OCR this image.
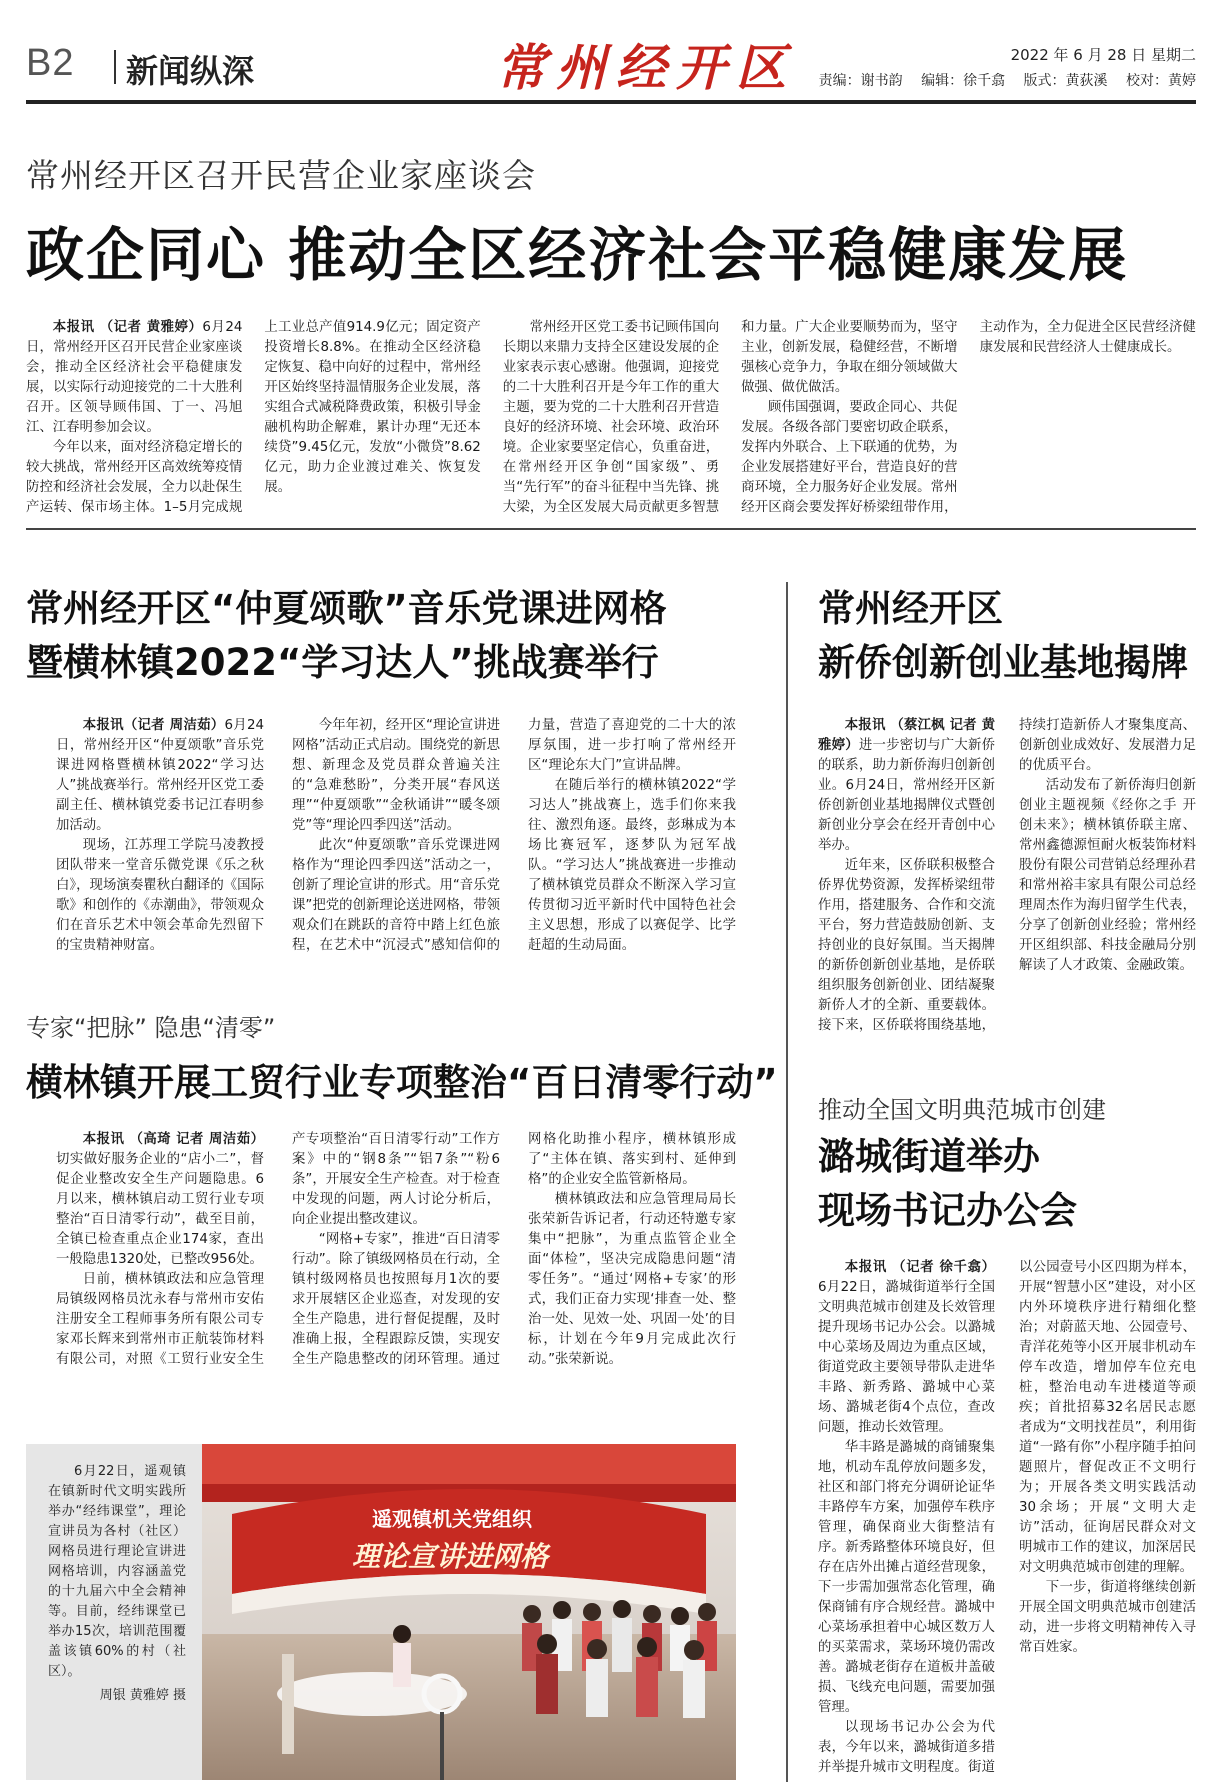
B2 新闻纵深	常州经开区	2022 年 6 月 28 日 星期二
责编：谢书韵 编辑：徐千翕 版式：黄荻溪 校对：黄婷
常州经开区召开民营企业家座谈会
政企同心 推动全区经济社会平稳健康发展

本报讯 （记者 黄雅婷）6月24日，常州经开区召开民营企业家座谈会，推动全区经济社会平稳健康发展，以实际行动迎接党的二十大胜利召开。区领导顾伟国、丁一、冯旭江、江春明参加会议。

今年以来，面对经济稳定增长的较大挑战，常州经开区高效统筹疫情防控和经济社会发展，全力以赴保生产运转、保市场主体。1–5月完成规上工业总产值914.9亿元；固定资产投资增长8.8%。在推动全区经济稳定恢复、稳中向好的过程中，常州经开区始终坚持温情服务企业发展，落实组合式减税降费政策，积极引导金融机构助企解难，累计办理“无还本续贷”9.45亿元，发放“小微贷”8.62亿元，助力企业渡过难关、恢复发展。

常州经开区党工委书记顾伟国向长期以来鼎力支持全区建设发展的企业家表示衷心感谢。他强调，迎接党的二十大胜利召开是今年工作的重大主题，要为党的二十大胜利召开营造良好的经济环境、社会环境、政治环境。企业家要坚定信心，负重奋进，在常州经开区争创“国家级”、勇当“先行军”的奋斗征程中当先锋、挑大梁，为全区发展大局贡献更多智慧和力量。广大企业要顺势而为，坚守主业，创新发展，稳健经营，不断增强核心竞争力，争取在细分领域做大做强、做优做活。

顾伟国强调，要政企同心、共促发展。各级各部门要密切政企联系，发挥内外联合、上下联通的优势，为企业发展搭建好平台，营造良好的营商环境，全力服务好企业发展。常州经开区商会要发挥好桥梁纽带作用，主动作为，全力促进全区民营经济健康发展和民营经济人士健康成长。

常州经开区“仲夏颂歌”音乐党课进网格
暨横林镇2022“学习达人”挑战赛举行

本报讯（记者 周洁茹）6月24日，常州经开区“仲夏颂歌”音乐党课进网格暨横林镇2022“学习达人”挑战赛举行。常州经开区党工委副主任、横林镇党委书记江春明参加活动。

现场，江苏理工学院马凌教授团队带来一堂音乐微党课《乐之秋白》，现场演奏瞿秋白翻译的《国际歌》和创作的《赤潮曲》，带领观众们在音乐艺术中领会革命先烈留下的宝贵精神财富。

今年年初，经开区“理论宣讲进网格”活动正式启动。围绕党的新思想、新理念及党员群众普遍关注的“急难愁盼”，分类开展“春风送理”“仲夏颂歌”“金秋诵讲”“暖冬颂党”等“理论四季四送”活动。

此次“仲夏颂歌”音乐党课进网格作为“理论四季四送”活动之一，创新了理论宣讲的形式。用“音乐党课”把党的创新理论送进网格，带领观众们在跳跃的音符中踏上红色旅程，在艺术中“沉浸式”感知信仰的力量，营造了喜迎党的二十大的浓厚氛围，进一步打响了常州经开区“理论东大门”宣讲品牌。

在随后举行的横林镇2022“学习达人”挑战赛上，选手们你来我往、激烈角逐。最终，彭琳成为本场比赛冠军，逐梦队为冠军战队。“学习达人”挑战赛进一步推动了横林镇党员群众不断深入学习宣传贯彻习近平新时代中国特色社会主义思想，形成了以赛促学、比学赶超的生动局面。

专家“把脉” 隐患“清零”
横林镇开展工贸行业专项整治“百日清零行动”

本报讯 （高琦 记者 周洁茹）切实做好服务企业的“店小二”，督促企业整改安全生产问题隐患。6月以来，横林镇启动工贸行业专项整治“百日清零行动”，截至目前，全镇已检查重点企业174家，查出一般隐患1320处，已整改956处。

日前，横林镇政法和应急管理局镇级网格员沈永春与常州市安佑注册安全工程师事务所有限公司专家邓长辉来到常州市正航装饰材料有限公司，对照《工贸行业安全生产专项整治“百日清零行动”工作方案》中的“钢8条”“铝7条”“粉6条”，开展安全生产检查。对于检查中发现的问题，两人讨论分析后，向企业提出整改建议。

“网格+专家”，推进“百日清零行动”。除了镇级网格员在行动，全镇村级网格员也按照每月1次的要求开展辖区企业巡查，对发现的安全生产隐患，进行督促提醒，及时准确上报，全程跟踪反馈，实现安全生产隐患整改的闭环管理。通过网格化助推小程序，横林镇形成了“主体在镇、落实到村、延伸到格”的企业安全监管新格局。

横林镇政法和应急管理局局长张荣新告诉记者，行动还特邀专家集中“把脉”，为重点监管企业全面“体检”，坚决完成隐患问题“清零任务”。“通过‘网格+专家’的形式，我们正奋力实现‘排查一处、整治一处、见效一处、巩固一处’的目标，计划在今年9月完成此次行动。”张荣新说。

6月22日，遥观镇在镇新时代文明实践所举办“经纬课堂”，理论宣讲员为各村（社区）网格员进行理论宣讲进网格培训，内容涵盖党的十九届六中全会精神等。目前，经纬课堂已举办15次，培训范围覆盖该镇60%的村（社区）。

周银 黄雅婷 摄

遥观镇机关党组织
理论宣讲进网格
常州经开区
新侨创新创业基地揭牌

本报讯 （蔡江枫 记者 黄雅婷）进一步密切与广大新侨的联系，助力新侨海归创新创业。6月24日，常州经开区新侨创新创业基地揭牌仪式暨创新创业分享会在经开青创中心举办。

近年来，区侨联积极整合侨界优势资源，发挥桥梁纽带作用，搭建服务、合作和交流平台，努力营造鼓励创新、支持创业的良好氛围。当天揭牌的新侨创新创业基地，是侨联组织服务创新创业、团结凝聚新侨人才的全新、重要载体。接下来，区侨联将围绕基地，持续打造新侨人才聚集度高、创新创业成效好、发展潜力足的优质平台。

活动发布了新侨海归创新创业主题视频《经你之手 开创未来》；横林镇侨联主席、常州鑫德源恒耐火板装饰材料股份有限公司营销总经理孙君和常州裕丰家具有限公司总经理周杰作为海归留学生代表，分享了创新创业经验；常州经开区组织部、科技金融局分别解读了人才政策、金融政策。

推动全国文明典范城市创建
潞城街道举办
现场书记办公会

本报讯 （记者 徐千翕）6月22日，潞城街道举行全国文明典范城市创建及长效管理提升现场书记办公会。以潞城中心菜场及周边为重点区域，街道党政主要领导带队走进华丰路、新秀路、潞城中心菜场、潞城老街4个点位，查改问题，推动长效管理。

华丰路是潞城的商铺聚集地，机动车乱停放问题多发，社区和部门将充分调研论证华丰路停车方案，加强停车秩序管理，确保商业大街整洁有序。新秀路整体环境良好，但存在店外出摊占道经营现象，下一步需加强常态化管理，确保商铺有序合规经营。潞城中心菜场承担着中心城区数万人的买菜需求，菜场环境仍需改善。潞城老街存在道板井盖破损、飞线充电问题，需要加强管理。

以现场书记办公会为代表，今年以来，潞城街道多措并举提升城市文明程度。街道以公园壹号小区四期为样本，开展“智慧小区”建设，对小区内外环境秩序进行精细化整治；对蔚蓝天地、公园壹号、青洋花苑等小区开展非机动车停车改造，增加停车位充电桩，整治电动车进楼道等顽疾；首批招募32名居民志愿者成为“文明找茬员”，利用街道“一路有你”小程序随手拍问题照片，督促改正不文明行为；开展各类文明实践活动30余场；开展“文明大走访”活动，征询居民群众对文明城市工作的建议，加深居民对文明典范城市创建的理解。

下一步，街道将继续创新开展全国文明典范城市创建活动，进一步将文明精神传入寻常百姓家。
